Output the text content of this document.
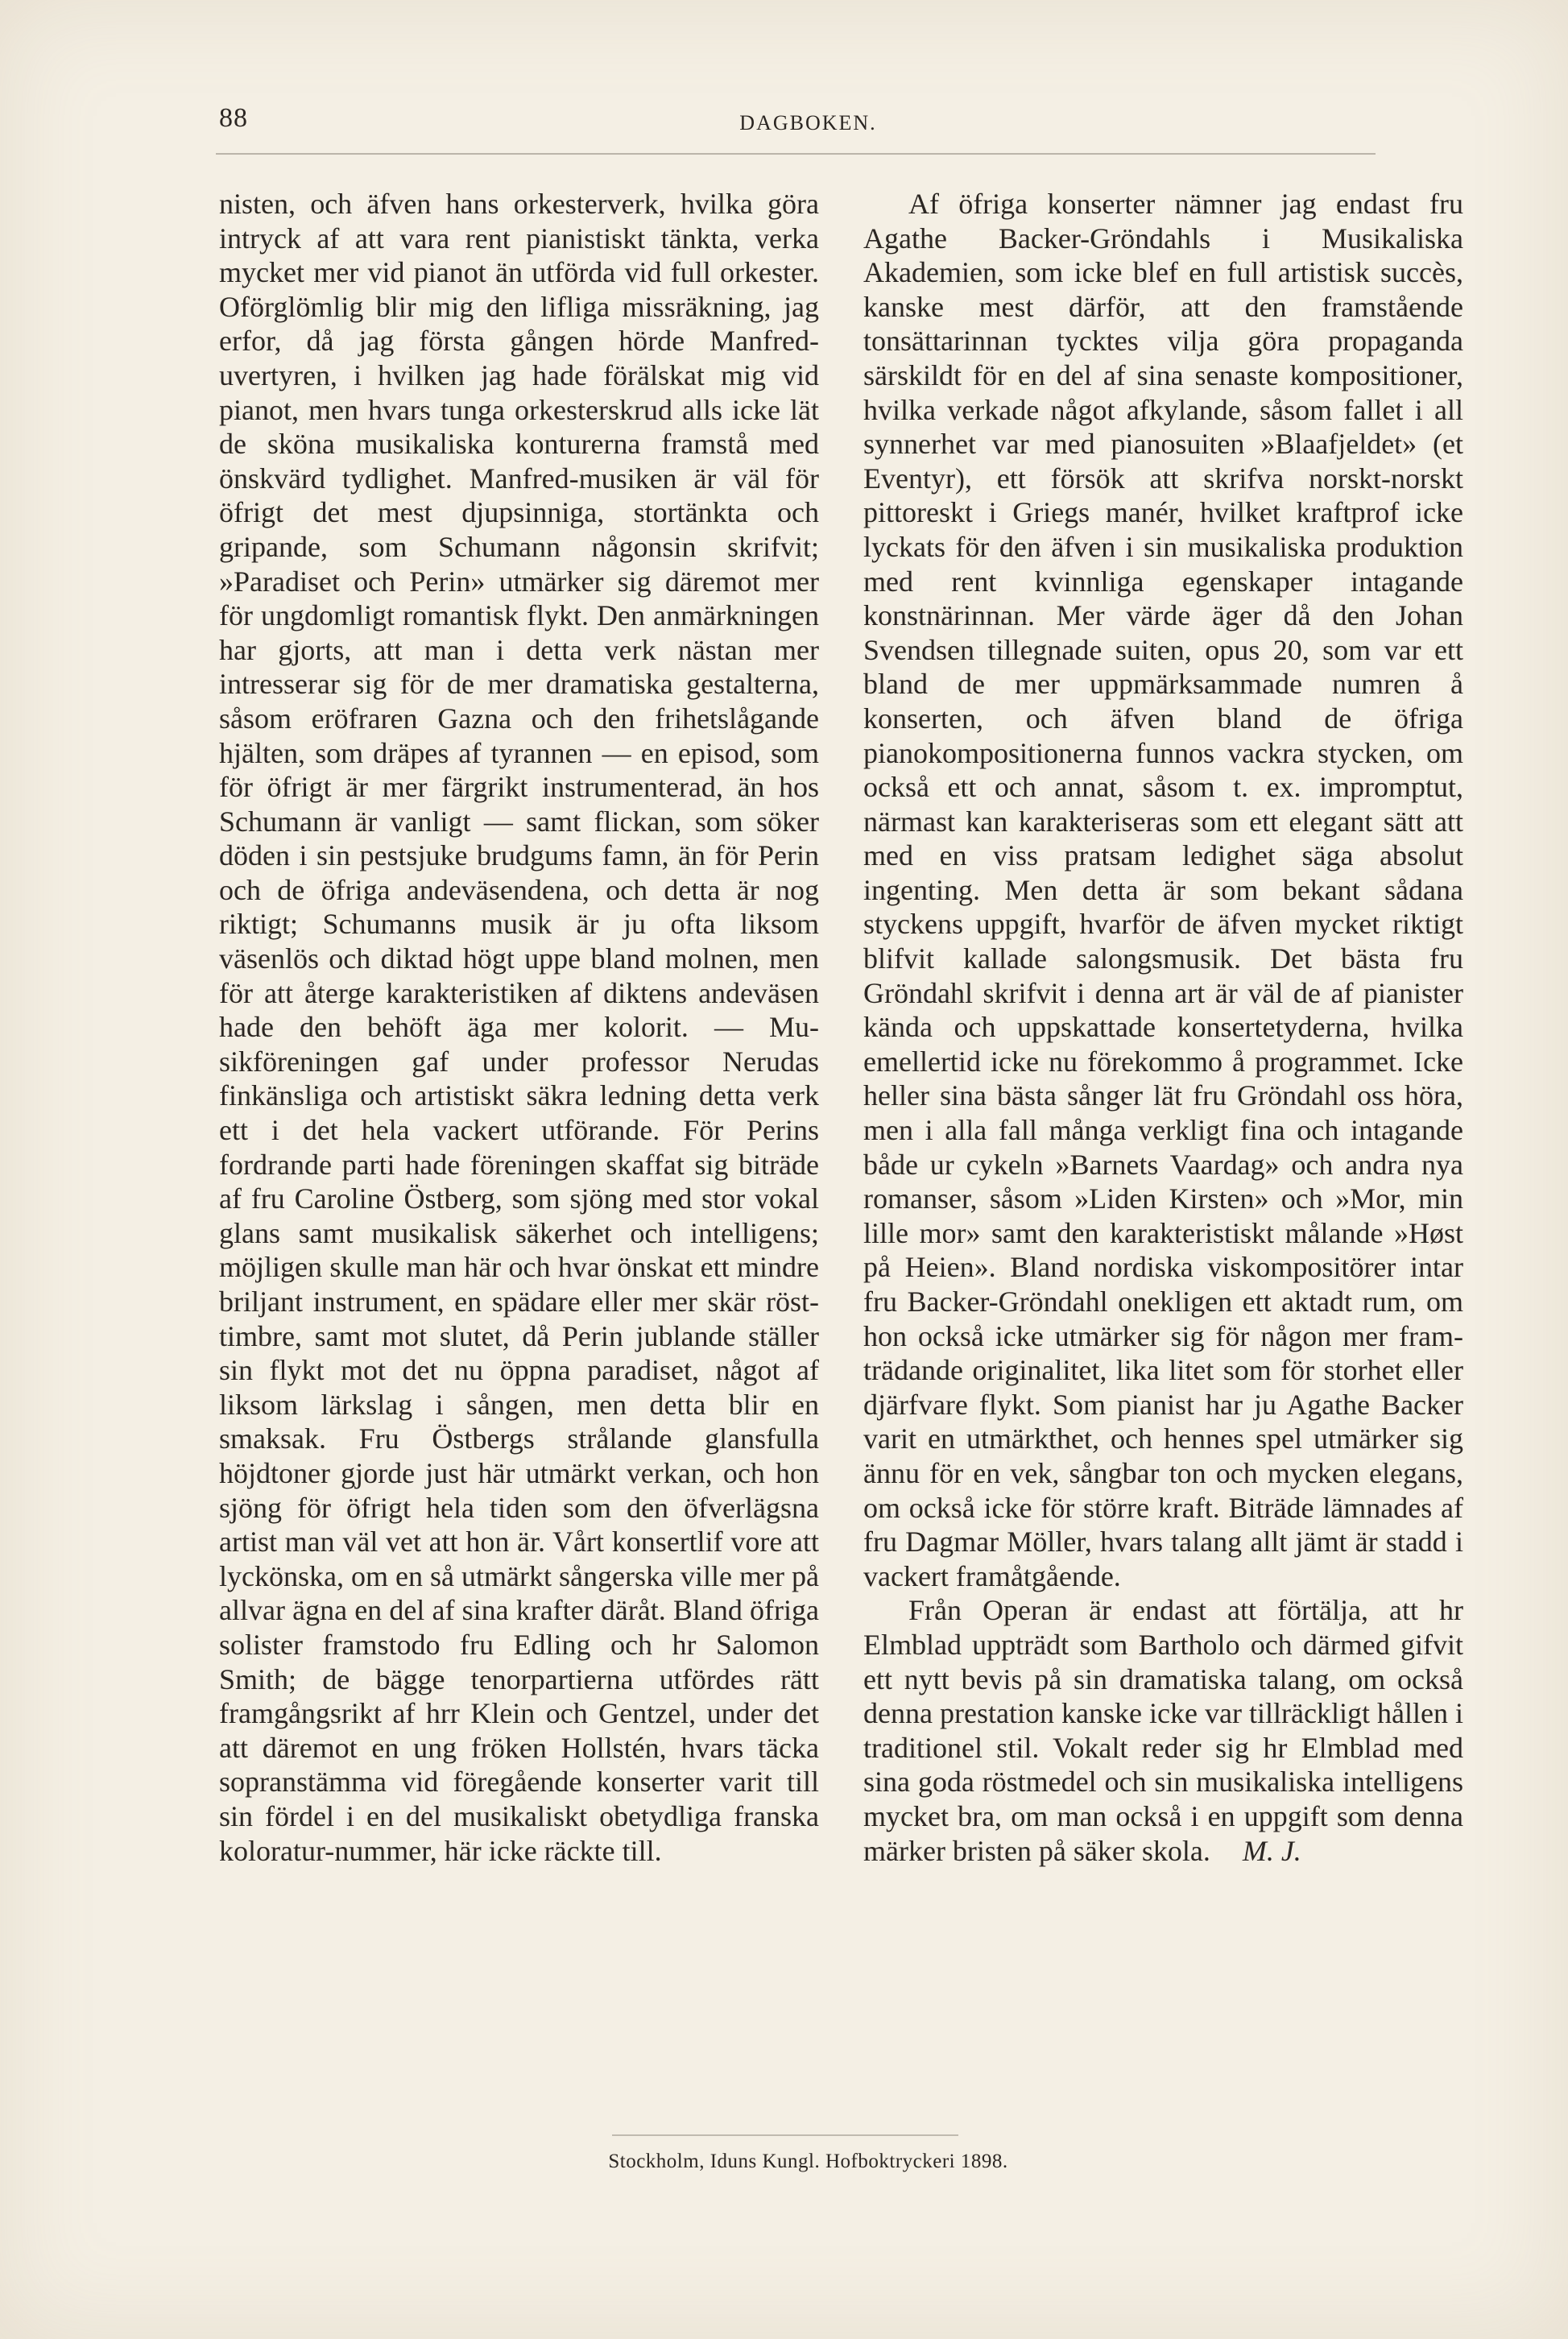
88	DAGBOKEN.

nisten, och äfven hans orkesterverk, hvilka göra intryck af att vara rent pianistiskt tänkta, verka mycket mer vid pianot än utförda vid full orkester. Oförglömlig blir mig den lifliga missräkning, jag erfor, då jag första gången hörde Manfred-uvertyren, i hvilken jag hade förälskat mig vid pianot, men hvars tunga orkesterskrud alls icke lät de sköna musikaliska konturerna framstå med önskvärd tydlighet. Manfred-musiken är väl för öfrigt det mest djupsinniga, stortänkta och gripande, som Schumann någonsin skrifvit; »Paradiset och Perin» utmärker sig däremot mer för ungdomligt romantisk flykt. Den anmärkningen har gjorts, att man i detta verk nästan mer intresserar sig för de mer dramatiska gestalterna, såsom eröfraren Gazna och den frihetslågande hjälten, som dräpes af tyrannen — en episod, som för öfrigt är mer färgrikt instrumenterad, än hos Schumann är vanligt — samt flickan, som söker döden i sin pestsjuke brudgums famn, än för Perin och de öfriga andeväsendena, och detta är nog riktigt; Schumanns musik är ju ofta liksom väsenlös och diktad högt uppe bland molnen, men för att återge karakteristiken af diktens andeväsen hade den behöft äga mer kolorit. — Musikföreningen gaf under professor Nerudas finkänsliga och artistiskt säkra ledning detta verk ett i det hela vackert utförande. För Perins fordrande parti hade föreningen skaffat sig biträde af fru Caroline Östberg, som sjöng med stor vokal glans samt musikalisk säkerhet och intelligens; möjligen skulle man här och hvar önskat ett mindre briljant instrument, en spädare eller mer skär röst-timbre, samt mot slutet, då Perin jublande ställer sin flykt mot det nu öppna paradiset, något af liksom lärkslag i sången, men detta blir en smaksak. Fru Östbergs strålande glansfulla höjdtoner gjorde just här utmärkt verkan, och hon sjöng för öfrigt hela tiden som den öfverlägsna artist man väl vet att hon är. Vårt konsertlif vore att lyckönska, om en så utmärkt sångerska ville mer på allvar ägna en del af sina krafter däråt. Bland öfriga solister framstodo fru Edling och hr Salomon Smith; de bägge tenorpartierna utfördes rätt framgångsrikt af hrr Klein och Gentzel, under det att däremot en ung fröken Hollstén, hvars täcka sopranstämma vid föregående konserter varit till sin fördel i en del musikaliskt obetydliga franska koloratur-nummer, här icke räckte till.

Af öfriga konserter nämner jag endast fru Agathe Backer-Gröndahls i Musikaliska Akademien, som icke blef en full artistisk succès, kanske mest därför, att den framstående tonsättarinnan tycktes vilja göra propaganda särskildt för en del af sina senaste kompositioner, hvilka verkade något afkylande, såsom fallet i all synnerhet var med pianosuiten »Blaafjeldet» (et Eventyr), ett försök att skrifva norskt-norskt pittoreskt i Griegs manér, hvilket kraftprof icke lyckats för den äfven i sin musikaliska produktion med rent kvinnliga egenskaper intagande konstnärinnan. Mer värde äger då den Johan Svendsen tillegnade suiten, opus 20, som var ett bland de mer uppmärksammade numren å konserten, och äfven bland de öfriga pianokompositionerna funnos vackra stycken, om också ett och annat, såsom t. ex. impromptut, närmast kan karakteriseras som ett elegant sätt att med en viss pratsam ledighet säga absolut ingenting. Men detta är som bekant sådana styckens uppgift, hvarför de äfven mycket riktigt blifvit kallade salongsmusik. Det bästa fru Gröndahl skrifvit i denna art är väl de af pianister kända och uppskattade konsertetyderna, hvilka emellertid icke nu förekommo å programmet. Icke heller sina bästa sånger lät fru Gröndahl oss höra, men i alla fall många verkligt fina och intagande både ur cykeln »Barnets Vaardag» och andra nya romanser, såsom »Liden Kirsten» och »Mor, min lille mor» samt den karakteristiskt målande »Høst på Heien». Bland nordiska viskompositörer intar fru Backer-Gröndahl onekligen ett aktadt rum, om hon också icke utmärker sig för någon mer framträdande originalitet, lika litet som för storhet eller djärfvare flykt. Som pianist har ju Agathe Backer varit en utmärkthet, och hennes spel utmärker sig ännu för en vek, sångbar ton och mycken elegans, om också icke för större kraft. Biträde lämnades af fru Dagmar Möller, hvars talang allt jämt är stadd i vackert framåtgående.

Från Operan är endast att förtälja, att hr Elmblad uppträdt som Bartholo och därmed gifvit ett nytt bevis på sin dramatiska talang, om också denna prestation kanske icke var tillräckligt hållen i traditionel stil. Vokalt reder sig hr Elmblad med sina goda röstmedel och sin musikaliska intelligens mycket bra, om man också i en uppgift som denna märker bristen på säker skola. M. J.

Stockholm, Iduns Kungl. Hofboktryckeri 1898.
